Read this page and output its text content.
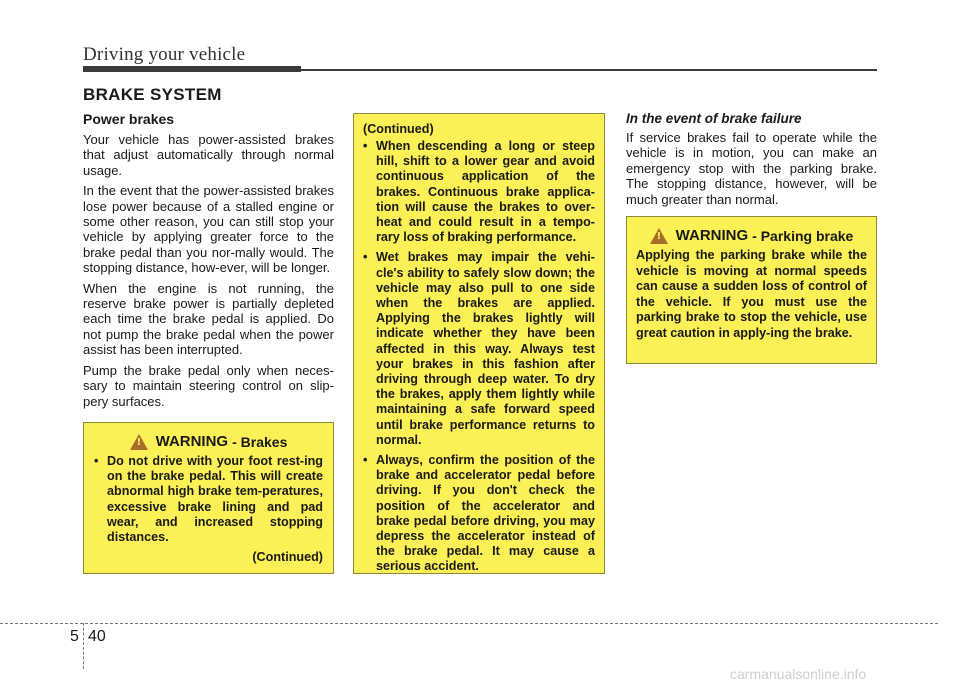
Driving your vehicle
BRAKE SYSTEM
Power brakes

Your vehicle has power-assisted brakes that adjust automatically through normal usage.

In the event that the power-assisted brakes lose power because of a stalled engine or some other reason, you can still stop your vehicle by applying greater force to the brake pedal than you nor-mally would. The stopping distance, how-ever, will be longer.

When the engine is not running, the reserve brake power is partially depleted each time the brake pedal is applied. Do not pump the brake pedal when the power assist has been interrupted.

Pump the brake pedal only when neces-sary to maintain steering control on slip-pery surfaces.

! WARNING - Brakes
• Do not drive with your foot rest-ing on the brake pedal. This will create abnormal high brake tem-peratures, excessive brake lining and pad wear, and increased stopping distances.
(Continued)
(Continued)
• When descending a long or steep hill, shift to a lower gear and avoid continuous application of the brakes. Continuous brake applica-tion will cause the brakes to over-heat and could result in a tempo-rary loss of braking performance.
• Wet brakes may impair the vehi-cle's ability to safely slow down; the vehicle may also pull to one side when the brakes are applied. Applying the brakes lightly will indicate whether they have been affected in this way. Always test your brakes in this fashion after driving through deep water. To dry the brakes, apply them lightly while maintaining a safe forward speed until brake performance returns to normal.
• Always, confirm the position of the brake and accelerator pedal before driving. If you don't check the position of the accelerator and brake pedal before driving, you may depress the accelerator instead of the brake pedal. It may cause a serious accident.
In the event of brake failure

If service brakes fail to operate while the vehicle is in motion, you can make an emergency stop with the parking brake. The stopping distance, however, will be much greater than normal.

! WARNING - Parking brake
Applying the parking brake while the vehicle is moving at normal speeds can cause a sudden loss of control of the vehicle. If you must use the parking brake to stop the vehicle, use great caution in apply-ing the brake.
5 40
carmanualsonline.info
